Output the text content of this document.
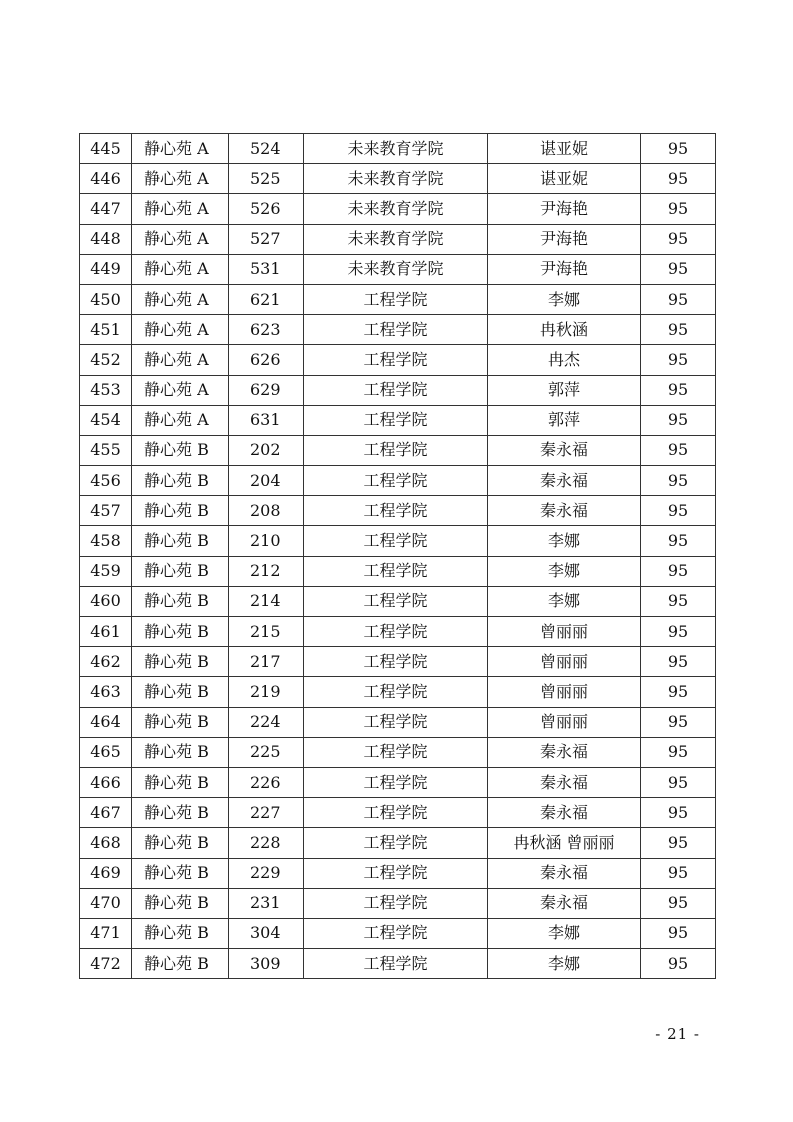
445	静心苑 A	524	未来教育学院	谌亚妮	95
446	静心苑 A	525	未来教育学院	谌亚妮	95
447	静心苑 A	526	未来教育学院	尹海艳	95
448	静心苑 A	527	未来教育学院	尹海艳	95
449	静心苑 A	531	未来教育学院	尹海艳	95
450	静心苑 A	621	工程学院	李娜	95
451	静心苑 A	623	工程学院	冉秋涵	95
452	静心苑 A	626	工程学院	冉杰	95
453	静心苑 A	629	工程学院	郭萍	95
454	静心苑 A	631	工程学院	郭萍	95
455	静心苑 B	202	工程学院	秦永福	95
456	静心苑 B	204	工程学院	秦永福	95
457	静心苑 B	208	工程学院	秦永福	95
458	静心苑 B	210	工程学院	李娜	95
459	静心苑 B	212	工程学院	李娜	95
460	静心苑 B	214	工程学院	李娜	95
461	静心苑 B	215	工程学院	曾丽丽	95
462	静心苑 B	217	工程学院	曾丽丽	95
463	静心苑 B	219	工程学院	曾丽丽	95
464	静心苑 B	224	工程学院	曾丽丽	95
465	静心苑 B	225	工程学院	秦永福	95
466	静心苑 B	226	工程学院	秦永福	95
467	静心苑 B	227	工程学院	秦永福	95
468	静心苑 B	228	工程学院	冉秋涵 曾丽丽	95
469	静心苑 B	229	工程学院	秦永福	95
470	静心苑 B	231	工程学院	秦永福	95
471	静心苑 B	304	工程学院	李娜	95
472	静心苑 B	309	工程学院	李娜	95
- 21 -
